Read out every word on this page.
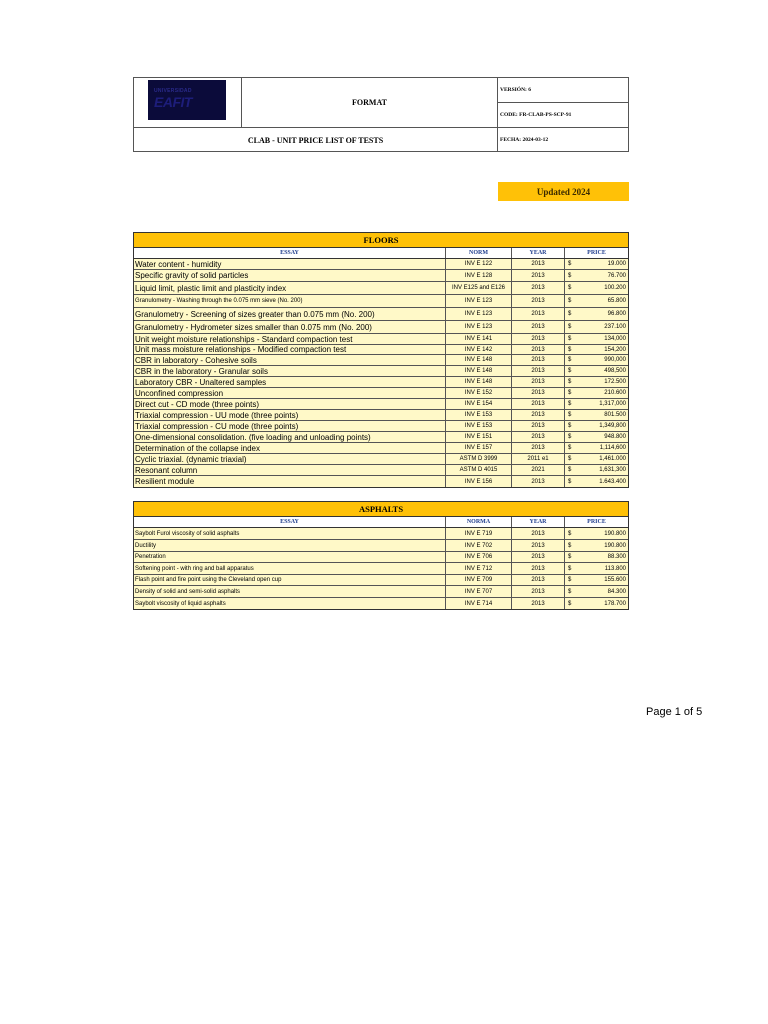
UNIVERSIDAD
EAFIT	FORMAT
CLAB - UNIT PRICE LIST OF TESTS
VERSIÓN: 6
CODE: FR-CLAB-PS-SCP-91
FECHA: 2024-03-12
Updated 2024
FLOORS
ESSAY	NORM	YEAR	PRICE
Water content - humidity	INV E 122	2013	$	19.000
Specific gravity of solid particles	INV E 128	2013	$	76.700
Liquid limit, plastic limit and plasticity index	INV E125 and E126	2013	$	100.200
Granulometry - Washing through the 0.075 mm sieve (No. 200)	INV E 123	2013	$	65.800
Granulometry - Screening of sizes greater than 0.075 mm (No. 200)	INV E 123	2013	$	96.800
Granulometry - Hydrometer sizes smaller than 0.075 mm (No. 200)	INV E 123	2013	$	237.100
Unit weight moisture relationships - Standard compaction test	INV E 141	2013	$	134,000
Unit mass moisture relationships - Modified compaction test	INV E 142	2013	$	154,200
CBR in laboratory - Cohesive soils	INV E 148	2013	$	990,000
CBR in the laboratory - Granular soils	INV E 148	2013	$	498,500
Laboratory CBR - Unaltered samples	INV E 148	2013	$	172.500
Unconfined compression	INV E 152	2013	$	210.600
Direct cut - CD mode (three points)	INV E 154	2013	$	1,317,000
Triaxial compression - UU mode (three points)	INV E 153	2013	$	801.500
Triaxial compression - CU mode (three points)	INV E 153	2013	$	1,349,800
One-dimensional consolidation. (five loading and unloading points)	INV E 151	2013	$	948.800
Determination of the collapse index	INV E 157	2013	$	1,114,600
Cyclic triaxial. (dynamic triaxial)	ASTM D 3999	2011 e1	$	1,461.000
Resonant column	ASTM D 4015	2021	$	1,631,300
Resilient module	INV E 156	2013	$	1.643.400
ASPHALTS
ESSAY	NORMA	YEAR	PRICE
Saybolt Furol viscosity of solid asphalts	INV E 719	2013	$	190.800
Ductility	INV E 702	2013	$	190.800
Penetration	INV E 706	2013	$	88.300
Softening point - with ring and ball apparatus	INV E 712	2013	$	113.800
Flash point and fire point using the Cleveland open cup	INV E 709	2013	$	155.600
Density of solid and semi-solid asphalts	INV E 707	2013	$	84.300
Saybolt viscosity of liquid asphalts	INV E 714	2013	$	178.700
Page 1 of 5
